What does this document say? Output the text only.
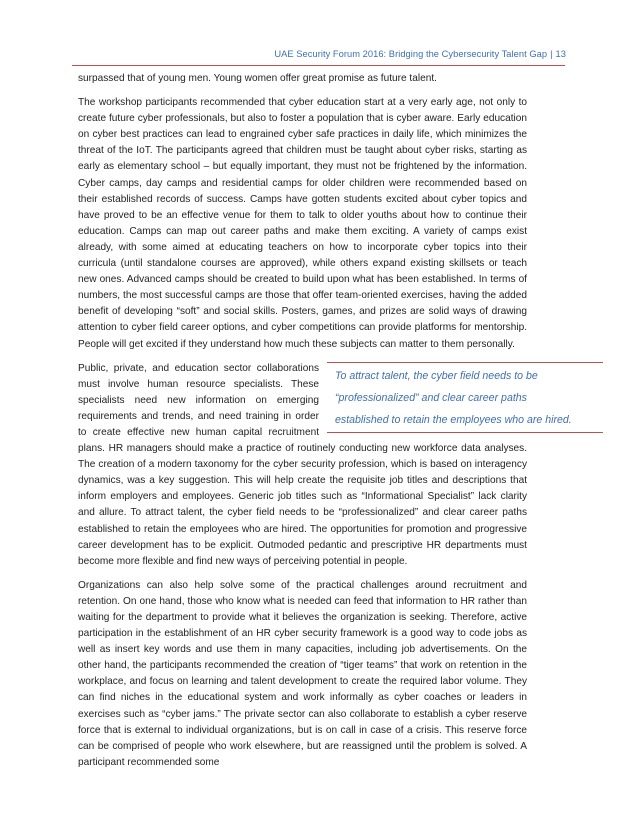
UAE Security Forum 2016: Bridging the Cybersecurity Talent Gap | 13

surpassed that of young men. Young women offer great promise as future talent.

The workshop participants recommended that cyber education start at a very early age, not only to create future cyber professionals, but also to foster a population that is cyber aware. Early education on cyber best practices can lead to engrained cyber safe practices in daily life, which minimizes the threat of the IoT. The participants agreed that children must be taught about cyber risks, starting as early as elementary school – but equally important, they must not be frightened by the information. Cyber camps, day camps and residential camps for older children were recommended based on their established records of success. Camps have gotten students excited about cyber topics and have proved to be an effective venue for them to talk to older youths about how to continue their education. Camps can map out career paths and make them exciting. A variety of camps exist already, with some aimed at educating teachers on how to incorporate cyber topics into their curricula (until standalone courses are approved), while others expand existing skillsets or teach new ones. Advanced camps should be created to build upon what has been established. In terms of numbers, the most successful camps are those that offer team-oriented exercises, having the added benefit of developing “soft” and social skills. Posters, games, and prizes are solid ways of drawing attention to cyber field career options, and cyber competitions can provide platforms for mentorship. People will get excited if they understand how much these subjects can matter to them personally.

To attract talent, the cyber field needs to be
“professionalized” and clear career paths
established to retain the employees who are hired.

Public, private, and education sector collaborations must involve human resource specialists. These specialists need new information on emerging requirements and trends, and need training in order to create effective new human capital recruitment plans. HR managers should make a practice of routinely conducting new workforce data analyses. The creation of a modern taxonomy for the cyber security profession, which is based on interagency dynamics, was a key suggestion. This will help create the requisite job titles and descriptions that inform employers and employees. Generic job titles such as “Informational Specialist” lack clarity and allure. To attract talent, the cyber field needs to be “professionalized” and clear career paths established to retain the employees who are hired. The opportunities for promotion and progressive career development has to be explicit. Outmoded pedantic and prescriptive HR departments must become more flexible and find new ways of perceiving potential in people.

Organizations can also help solve some of the practical challenges around recruitment and retention. On one hand, those who know what is needed can feed that information to HR rather than waiting for the department to provide what it believes the organization is seeking. Therefore, active participation in the establishment of an HR cyber security framework is a good way to code jobs as well as insert key words and use them in many capacities, including job advertisements. On the other hand, the participants recommended the creation of “tiger teams” that work on retention in the workplace, and focus on learning and talent development to create the required labor volume. They can find niches in the educational system and work informally as cyber coaches or leaders in exercises such as “cyber jams.” The private sector can also collaborate to establish a cyber reserve force that is external to individual organizations, but is on call in case of a crisis. This reserve force can be comprised of people who work elsewhere, but are reassigned until the problem is solved. A participant recommended some
